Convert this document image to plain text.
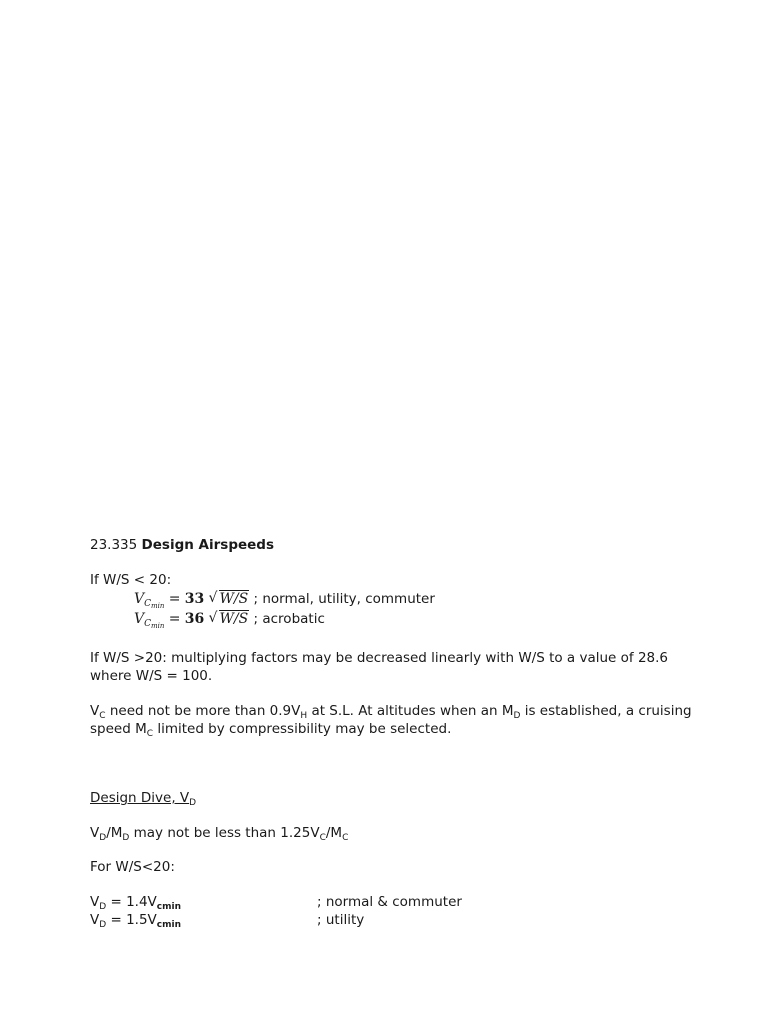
23.335 Design Airspeeds
If W/S < 20:
$V_{C_{min}} = 33$ √ W/S ; normal, utility, commuter
$V_{C_{min}} = 36$ √ W/S ; acrobatic
If W/S >20: multiplying factors may be decreased linearly with W/S to a value of 28.6
where W/S = 100.
$V_C$ need not be more than $0.9V_H$ at S.L. At altitudes when an $M_D$ is established, a cruising
speed $M_C$ limited by compressibility may be selected.
Design Dive, $V_D$
$V_D/M_D$ may not be less than $1.25V_C/M_C$
For W/S<20:
$V_D = 1.4V_{cmin}$	; normal & commuter
$V_D = 1.5V_{cmin}$	; utility
